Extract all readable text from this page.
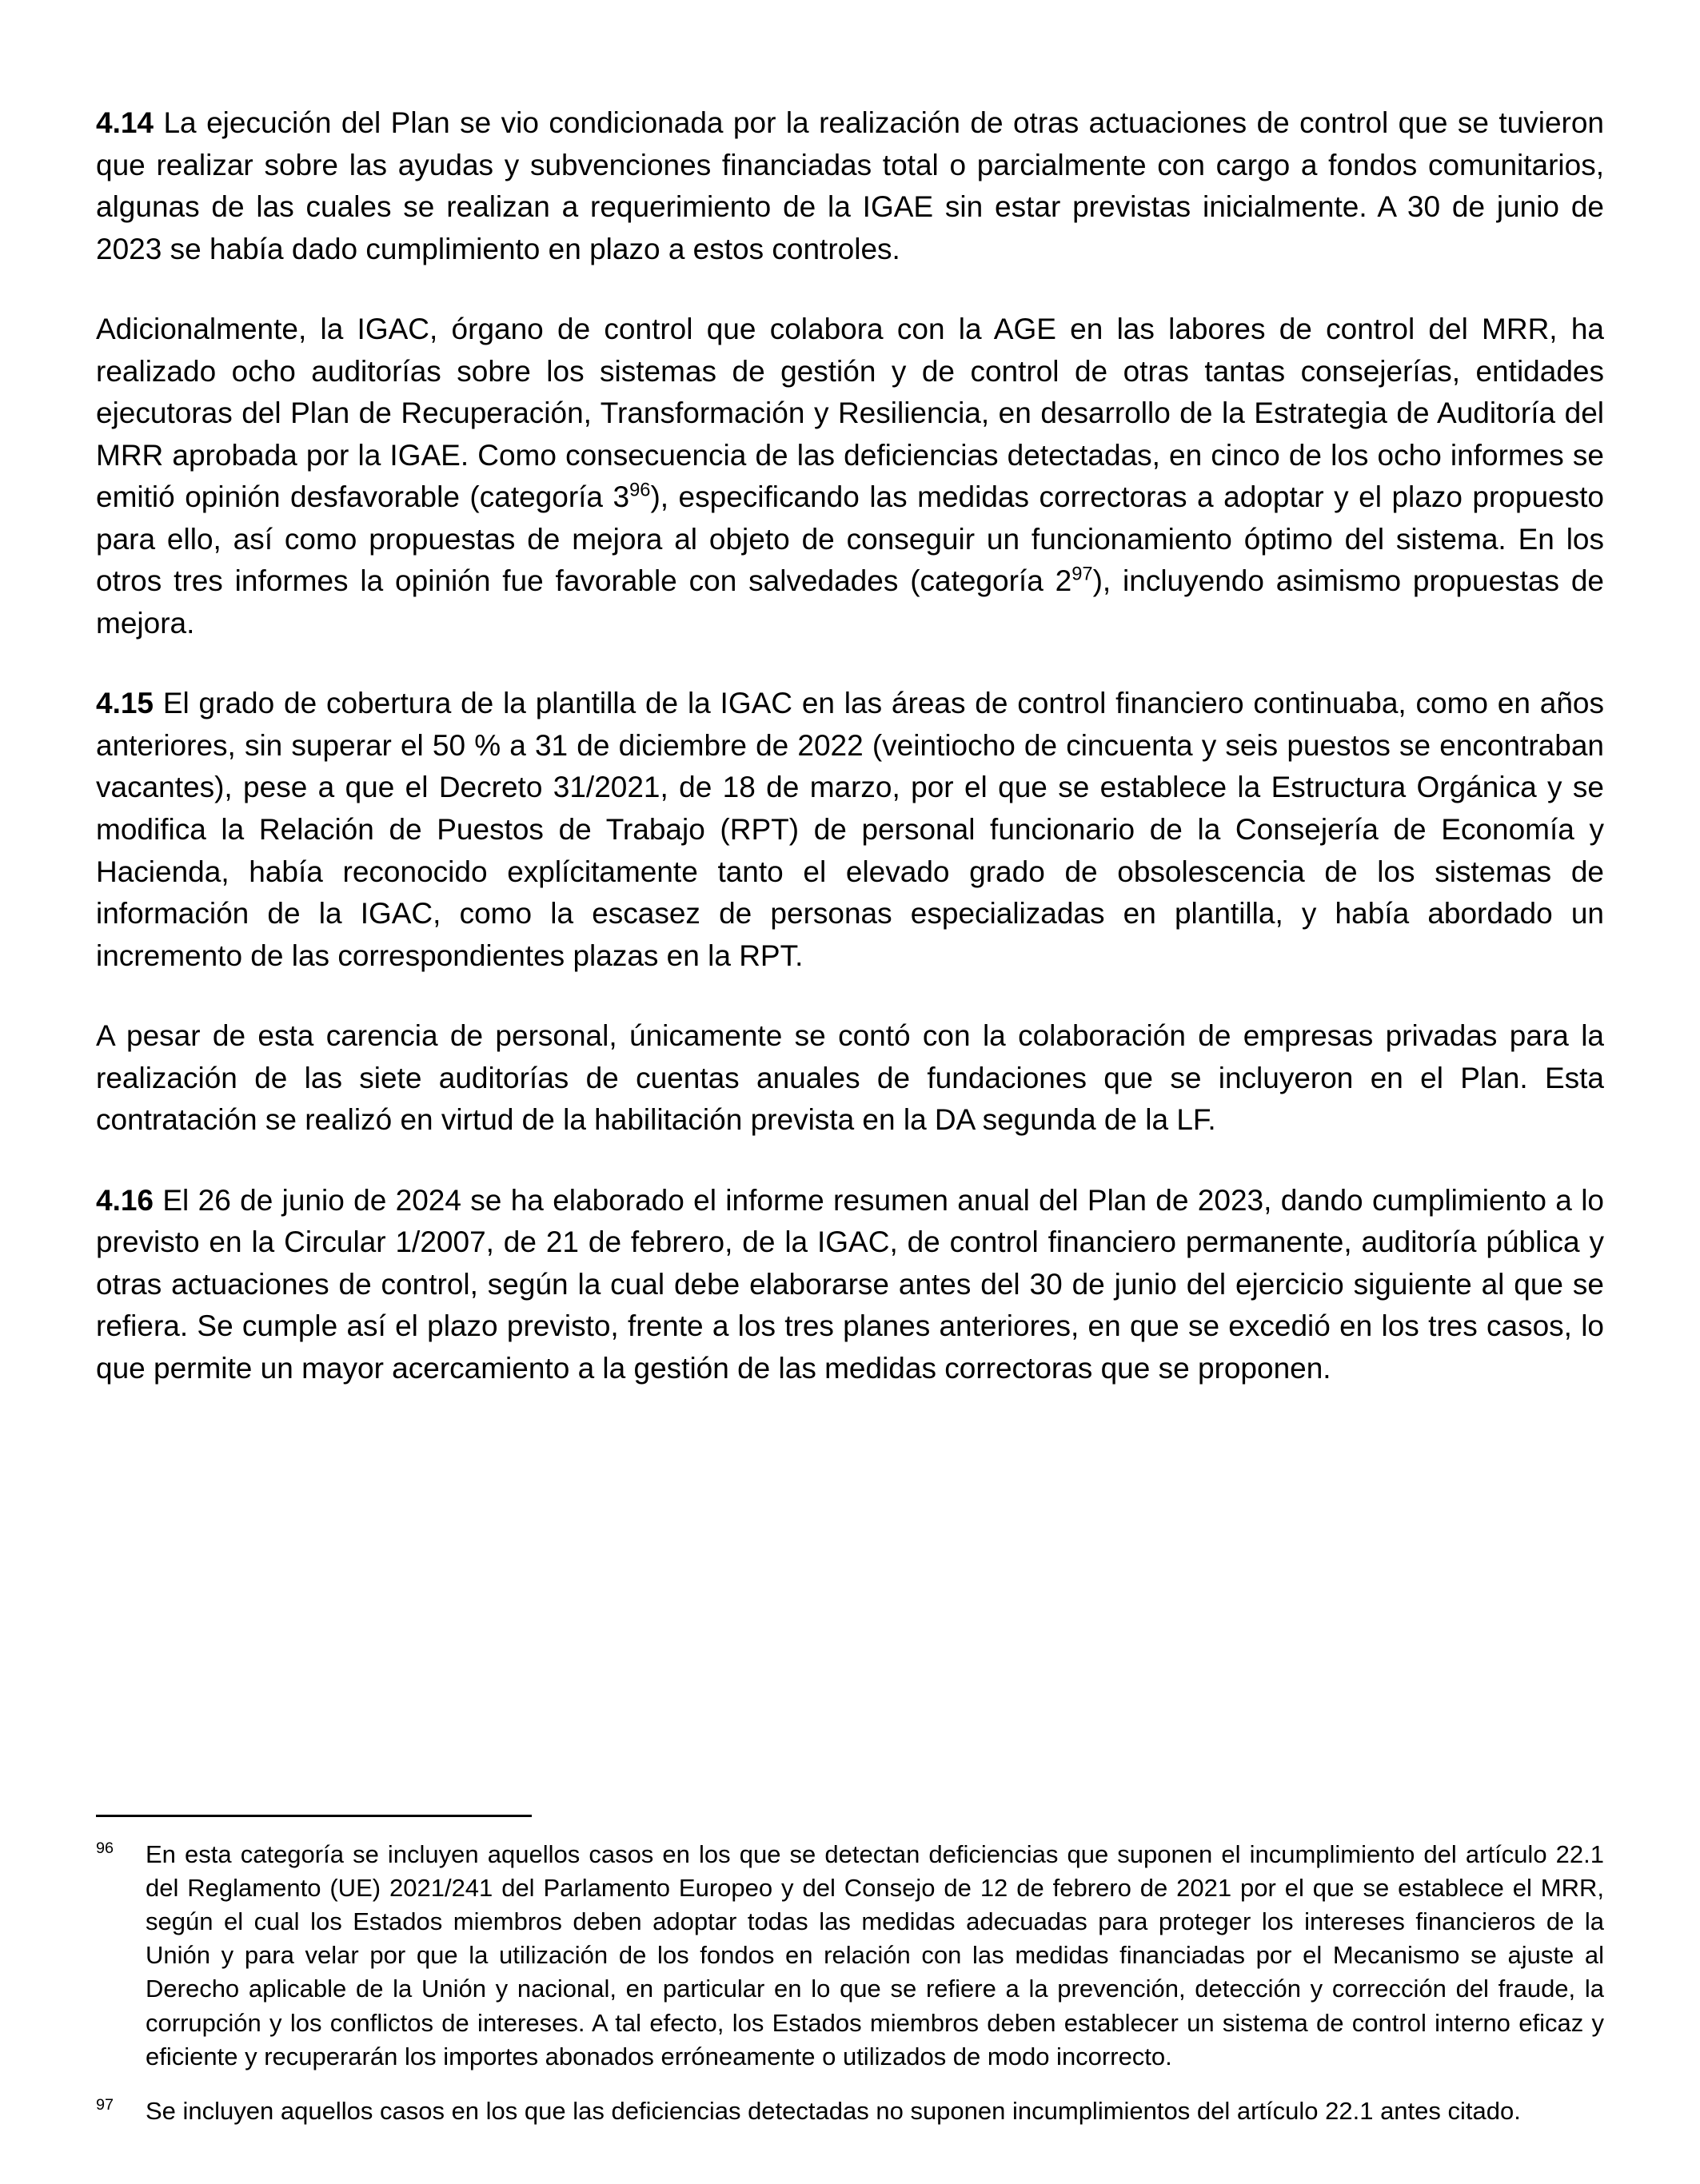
4.14 La ejecución del Plan se vio condicionada por la realización de otras actuaciones de control que se tuvieron que realizar sobre las ayudas y subvenciones financiadas total o parcialmente con cargo a fondos comunitarios, algunas de las cuales se realizan a requerimiento de la IGAE sin estar previstas inicialmente. A 30 de junio de 2023 se había dado cumplimiento en plazo a estos controles.

Adicionalmente, la IGAC, órgano de control que colabora con la AGE en las labores de control del MRR, ha realizado ocho auditorías sobre los sistemas de gestión y de control de otras tantas consejerías, entidades ejecutoras del Plan de Recuperación, Transformación y Resiliencia, en desarrollo de la Estrategia de Auditoría del MRR aprobada por la IGAE. Como consecuencia de las deficiencias detectadas, en cinco de los ocho informes se emitió opinión desfavorable (categoría 3$^{96}$), especificando las medidas correctoras a adoptar y el plazo propuesto para ello, así como propuestas de mejora al objeto de conseguir un funcionamiento óptimo del sistema. En los otros tres informes la opinión fue favorable con salvedades (categoría 2$^{97}$), incluyendo asimismo propuestas de mejora.

4.15 El grado de cobertura de la plantilla de la IGAC en las áreas de control financiero continuaba, como en años anteriores, sin superar el 50 % a 31 de diciembre de 2022 (veintiocho de cincuenta y seis puestos se encontraban vacantes), pese a que el Decreto 31/2021, de 18 de marzo, por el que se establece la Estructura Orgánica y se modifica la Relación de Puestos de Trabajo (RPT) de personal funcionario de la Consejería de Economía y Hacienda, había reconocido explícitamente tanto el elevado grado de obsolescencia de los sistemas de información de la IGAC, como la escasez de personas especializadas en plantilla, y había abordado un incremento de las correspondientes plazas en la RPT.

A pesar de esta carencia de personal, únicamente se contó con la colaboración de empresas privadas para la realización de las siete auditorías de cuentas anuales de fundaciones que se incluyeron en el Plan. Esta contratación se realizó en virtud de la habilitación prevista en la DA segunda de la LF.

4.16 El 26 de junio de 2024 se ha elaborado el informe resumen anual del Plan de 2023, dando cumplimiento a lo previsto en la Circular 1/2007, de 21 de febrero, de la IGAC, de control financiero permanente, auditoría pública y otras actuaciones de control, según la cual debe elaborarse antes del 30 de junio del ejercicio siguiente al que se refiera. Se cumple así el plazo previsto, frente a los tres planes anteriores, en que se excedió en los tres casos, lo que permite un mayor acercamiento a la gestión de las medidas correctoras que se proponen.

96	En esta categoría se incluyen aquellos casos en los que se detectan deficiencias que suponen el incumplimiento del artículo 22.1 del Reglamento (UE) 2021/241 del Parlamento Europeo y del Consejo de 12 de febrero de 2021 por el que se establece el MRR, según el cual los Estados miembros deben adoptar todas las medidas adecuadas para proteger los intereses financieros de la Unión y para velar por que la utilización de los fondos en relación con las medidas financiadas por el Mecanismo se ajuste al Derecho aplicable de la Unión y nacional, en particular en lo que se refiere a la prevención, detección y corrección del fraude, la corrupción y los conflictos de intereses. A tal efecto, los Estados miembros deben establecer un sistema de control interno eficaz y eficiente y recuperarán los importes abonados erróneamente o utilizados de modo incorrecto.
97	Se incluyen aquellos casos en los que las deficiencias detectadas no suponen incumplimientos del artículo 22.1 antes citado.
